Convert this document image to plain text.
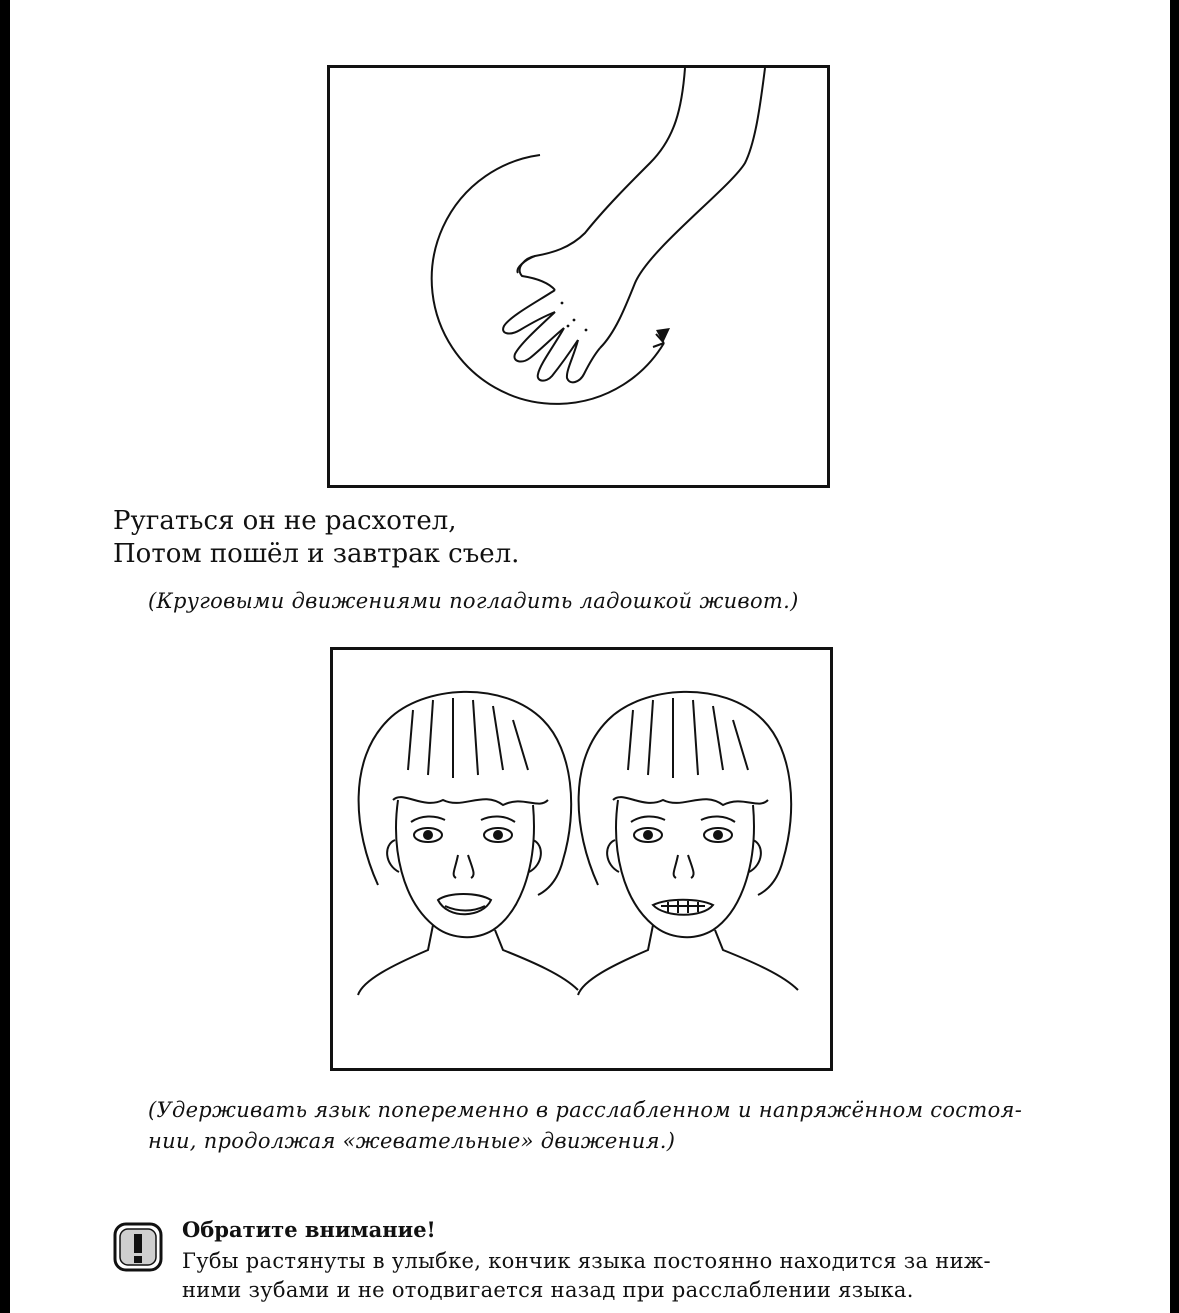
Ругаться он не расхотел,
Потом пошёл и завтрак съел.
(Круговыми движениями погладить ладошкой живот.)
(Удерживать язык попеременно в расслабленном и напряжённом состоя-
нии, продолжая «жевательные» движения.)
Обратите внимание!
Губы растянуты в улыбке, кончик языка постоянно находится за ниж-
ними зубами и не отодвигается назад при расслаблении языка.
